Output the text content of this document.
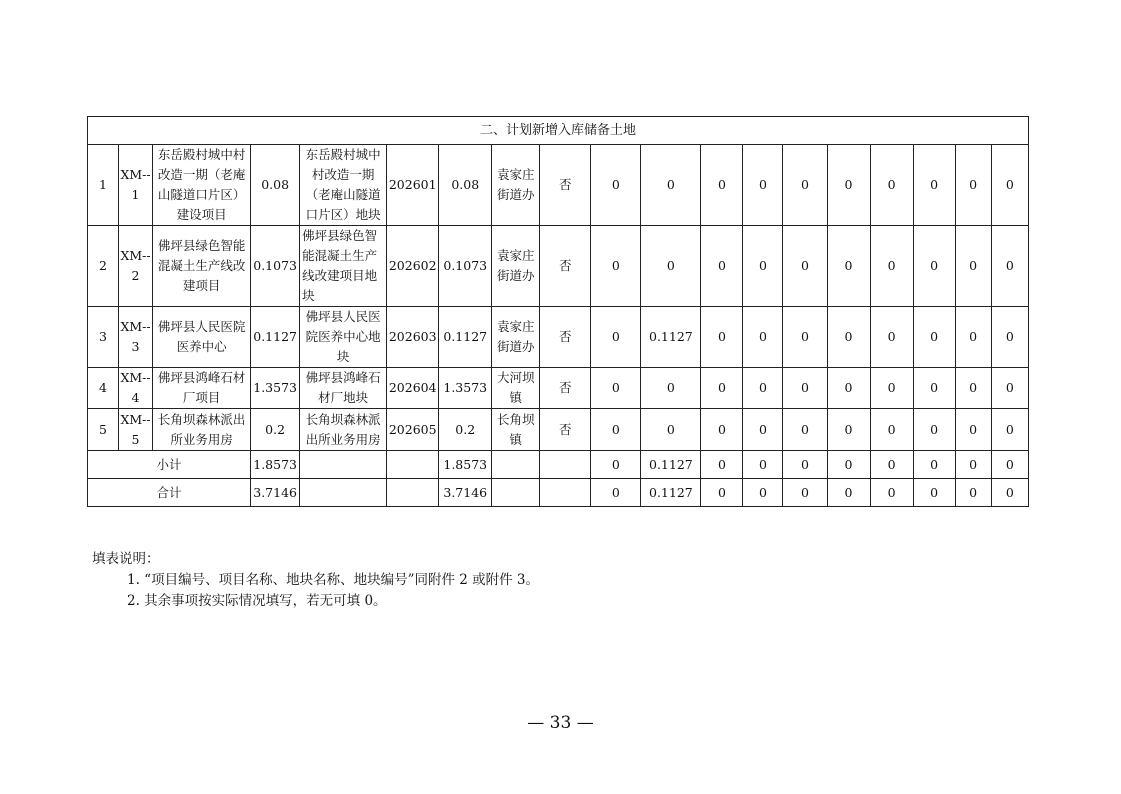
二、计划新增入库储备土地																		
1	XM--1	东岳殿村城中村改造一期（老庵山隧道口片区）建设项目	0.08	东岳殿村城中村改造一期（老庵山隧道口片区）地块	202601	0.08	袁家庄街道办	否	0	0	0	0	0	0	0	0	0	0
2	XM--2	佛坪县绿色智能混凝土生产线改建项目	0.1073	佛坪县绿色智能混凝土生产线改建项目地块	202602	0.1073	袁家庄街道办	否	0	0	0	0	0	0	0	0	0	0
3	XM--3	佛坪县人民医院医养中心	0.1127	佛坪县人民医院医养中心地块	202603	0.1127	袁家庄街道办	否	0	0.1127	0	0	0	0	0	0	0	0
4	XM--4	佛坪县鸿峰石材厂项目	1.3573	佛坪县鸿峰石材厂地块	202604	1.3573	大河坝镇	否	0	0	0	0	0	0	0	0	0	0
5	XM--5	长角坝森林派出所业务用房	0.2	长角坝森林派出所业务用房	202605	0.2	长角坝镇	否	0	0	0	0	0	0	0	0	0	0
小计			1.8573			1.8573			0	0.1127	0	0	0	0	0	0	0	0
合计			3.7146			3.7146			0	0.1127	0	0	0	0	0	0	0	0
填表说明：
1. “项目编号、项目名称、地块名称、地块编号”同附件 2 或附件 3。
2. 其余事项按实际情况填写，若无可填 0。
— 33 —
